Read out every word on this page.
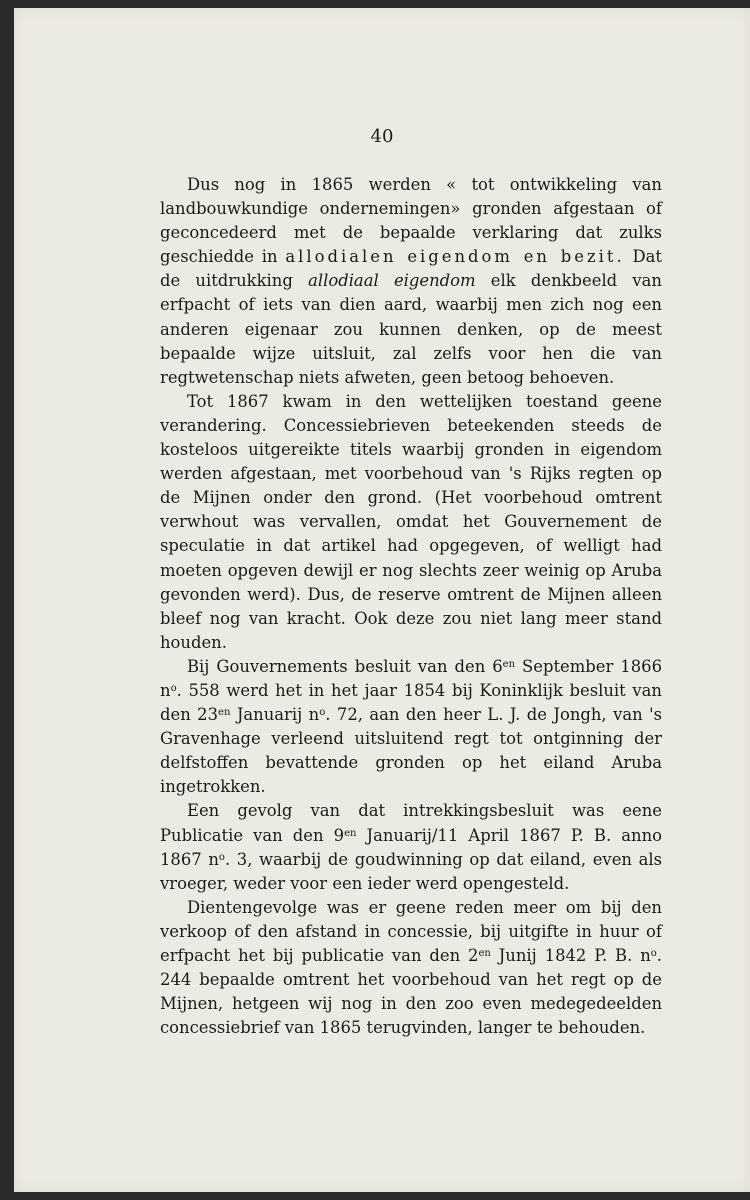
40

Dus nog in 1865 werden « tot ontwikkeling van landbouwkundige ondernemingen» gronden afgestaan of geconcedeerd met de bepaalde verklaring dat zulks geschiedde in allodialen eigendom en bezit. Dat de uitdrukking allodiaal eigendom elk denkbeeld van erfpacht of iets van dien aard, waarbij men zich nog een anderen eigenaar zou kunnen denken, op de meest bepaalde wijze uitsluit, zal zelfs voor hen die van regtwetenschap niets afweten, geen betoog behoeven.

Tot 1867 kwam in den wettelijken toestand geene verandering. Concessiebrieven beteekenden steeds de kosteloos uitgereikte titels waarbij gronden in eigendom werden afgestaan, met voorbehoud van 's Rijks regten op de Mijnen onder den grond. (Het voorbehoud omtrent verwhout was vervallen, omdat het Gouvernement de speculatie in dat artikel had opgegeven, of welligt had moeten opgeven dewijl er nog slechts zeer weinig op Aruba gevonden werd). Dus, de reserve omtrent de Mijnen alleen bleef nog van kracht. Ook deze zou niet lang meer stand houden.

Bij Gouvernements besluit van den $6^{en}$ September 1866 $n^o$. 558 werd het in het jaar 1854 bij Koninklijk besluit van den $23^{en}$ Januarij $n^o$. 72, aan den heer L. J. de Jongh, van 's Gravenhage verleend uitsluitend regt tot ontginning der delfstoffen bevattende gronden op het eiland Aruba ingetrokken.

Een gevolg van dat intrekkingsbesluit was eene Publicatie van den $9^{en}$ Januarij/11 April 1867 P. B. anno 1867 $n^o$. 3, waarbij de goudwinning op dat eiland, even als vroeger, weder voor een ieder werd opengesteld.

Dientengevolge was er geene reden meer om bij den verkoop of den afstand in concessie, bij uitgifte in huur of erfpacht het bij publicatie van den $2^{en}$ Junij 1842 P. B. $n^o$. 244 bepaalde omtrent het voorbehoud van het regt op de Mijnen, hetgeen wij nog in den zoo even medegedeelden concessiebrief van 1865 terugvinden, langer te behouden.
